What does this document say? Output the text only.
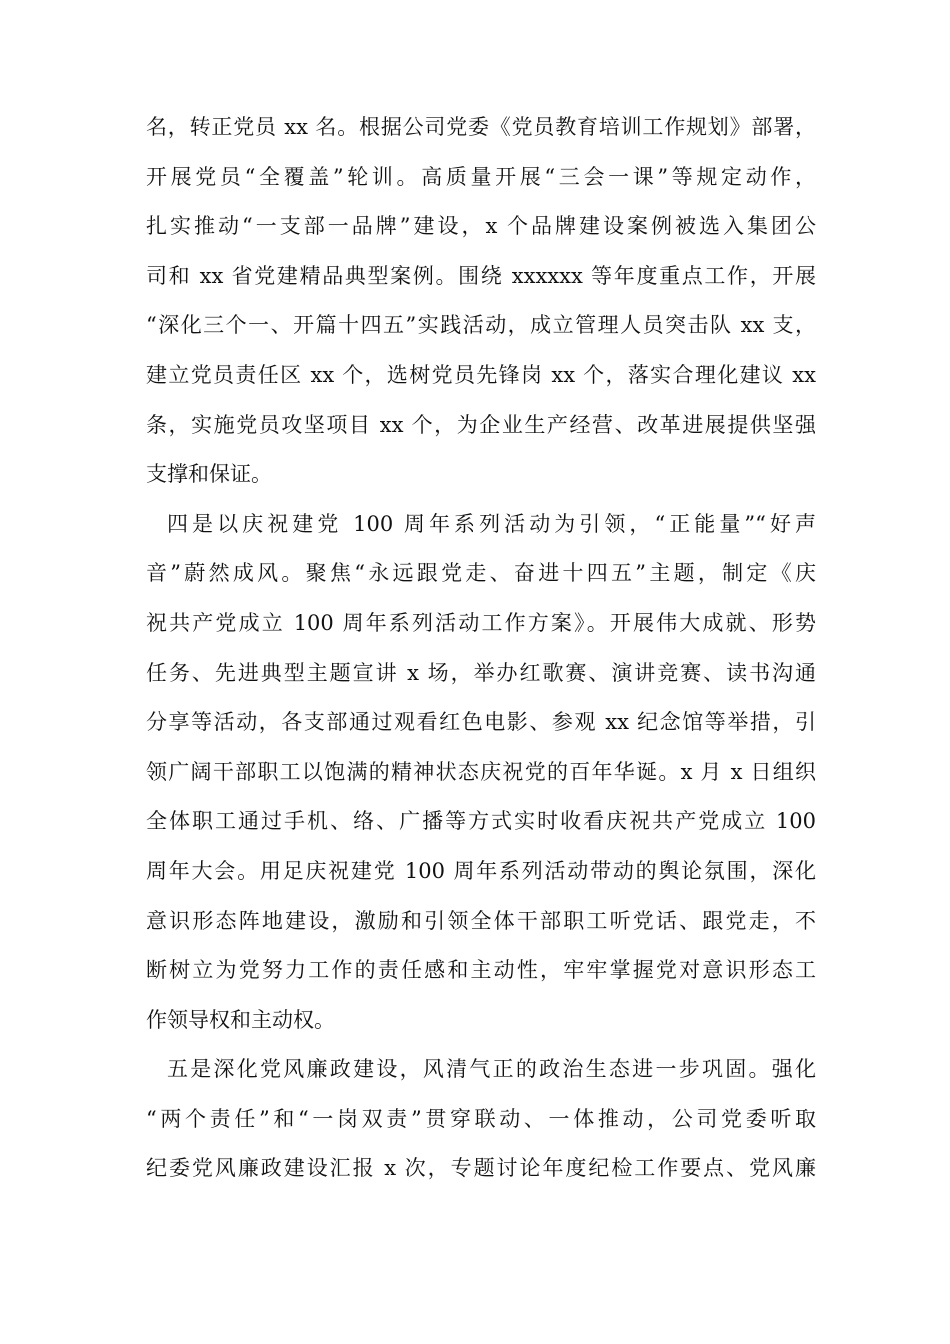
名，转正党员 xx 名。根据公司党委《党员教育培训工作规划》部署，
开展党员“全覆盖”轮训。高质量开展“三会一课”等规定动作，
扎实推动“一支部一品牌”建设，x 个品牌建设案例被选入集团公
司和 xx 省党建精品典型案例。围绕 xxxxxx 等年度重点工作，开展
“深化三个一、开篇十四五”实践活动，成立管理人员突击队 xx 支，
建立党员责任区 xx 个，选树党员先锋岗 xx 个，落实合理化建议 xx
条，实施党员攻坚项目 xx 个，为企业生产经营、改革进展提供坚强
支撑和保证。
四是以庆祝建党 100 周年系列活动为引领，“正能量”“好声
音”蔚然成风。聚焦“永远跟党走、奋进十四五”主题，制定《庆
祝共产党成立 100 周年系列活动工作方案》。开展伟大成就、形势
任务、先进典型主题宣讲 x 场，举办红歌赛、演讲竞赛、读书沟通
分享等活动，各支部通过观看红色电影、参观 xx 纪念馆等举措，引
领广阔干部职工以饱满的精神状态庆祝党的百年华诞。x 月 x 日组织
全体职工通过手机、络、广播等方式实时收看庆祝共产党成立 100
周年大会。用足庆祝建党 100 周年系列活动带动的舆论氛围，深化
意识形态阵地建设，激励和引领全体干部职工听党话、跟党走，不
断树立为党努力工作的责任感和主动性，牢牢掌握党对意识形态工
作领导权和主动权。
五是深化党风廉政建设，风清气正的政治生态进一步巩固。强化
“两个责任”和“一岗双责”贯穿联动、一体推动，公司党委听取
纪委党风廉政建设汇报 x 次，专题讨论年度纪检工作要点、党风廉
